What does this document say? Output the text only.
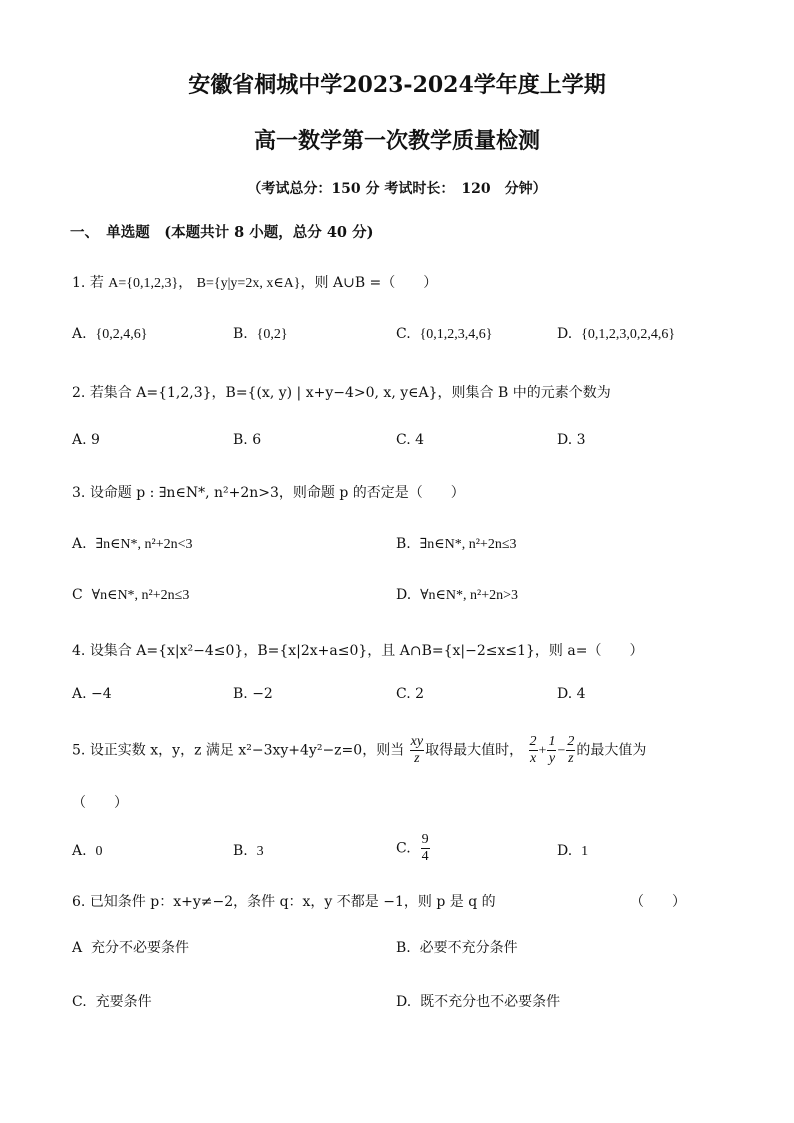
安徽省桐城中学2023-2024学年度上学期
高一数学第一次教学质量检测
（考试总分：150 分 考试时长：　120　分钟）
一、　单选题　(本题共计 8 小题，总分 40 分)
1. 若 A={0,1,2,3}， B={y|y=2x, x∈A}，则 A∪B =（　　）
A. {0,2,4,6}	B. {0,2}	C. {0,1,2,3,4,6}	D. {0,1,2,3,0,2,4,6}
2. 若集合 A={1,2,3}，B={(x, y) | x+y−4>0, x, y∈A}，则集合 B 中的元素个数为
A. 9	B. 6	C. 4	D. 3
3. 设命题 p : ∃n∈N*, n²+2n>3，则命题 p 的否定是（　　）
A. ∃n∈N*, n²+2n<3	B. ∃n∈N*, n²+2n≤3
C ∀n∈N*, n²+2n≤3	D. ∀n∈N*, n²+2n>3
4. 设集合 A={x|x²−4≤0}，B={x|2x+a≤0}，且 A∩B={x|−2≤x≤1}，则 a=（　　）
A. −4	B. −2	C. 2	D. 4
5. 设正实数 x，y，z 满足 x²−3xy+4y²−z=0，则当 $\frac{xy}{z}$ 取得最大值时， $\frac{2}{x} + \frac{1}{y} - \frac{2}{z}$ 的最大值为
（　　）
A. 0	B. 3	C. $\frac{9}{4}$	D. 1
6. 已知条件 p：x+y≠−2，条件 q：x，y 不都是 −1，则 p 是 q 的	（　　）
A 充分不必要条件	B. 必要不充分条件
C. 充要条件	D. 既不充分也不必要条件
